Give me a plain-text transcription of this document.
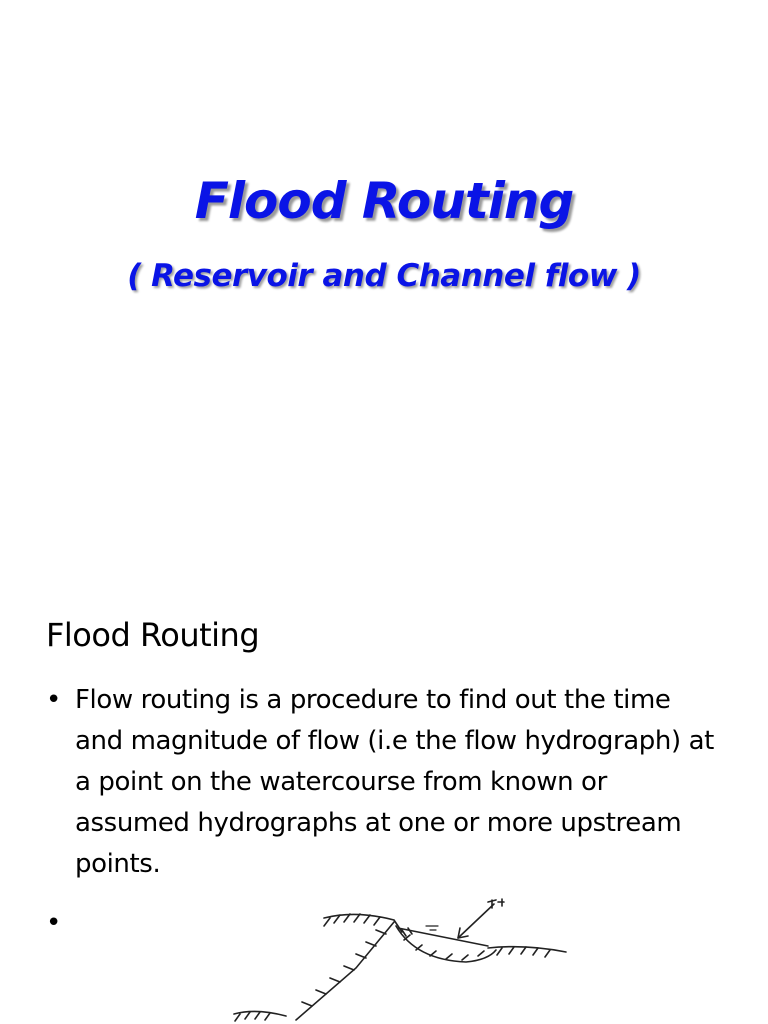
Flood Routing
( Reservoir and Channel flow )
Flood Routing
• Flow routing is a procedure to find out the time and magnitude of flow (i.e the flow hydrograph) at a point on the watercourse from known or assumed hydrographs at one or more upstream points.
•
